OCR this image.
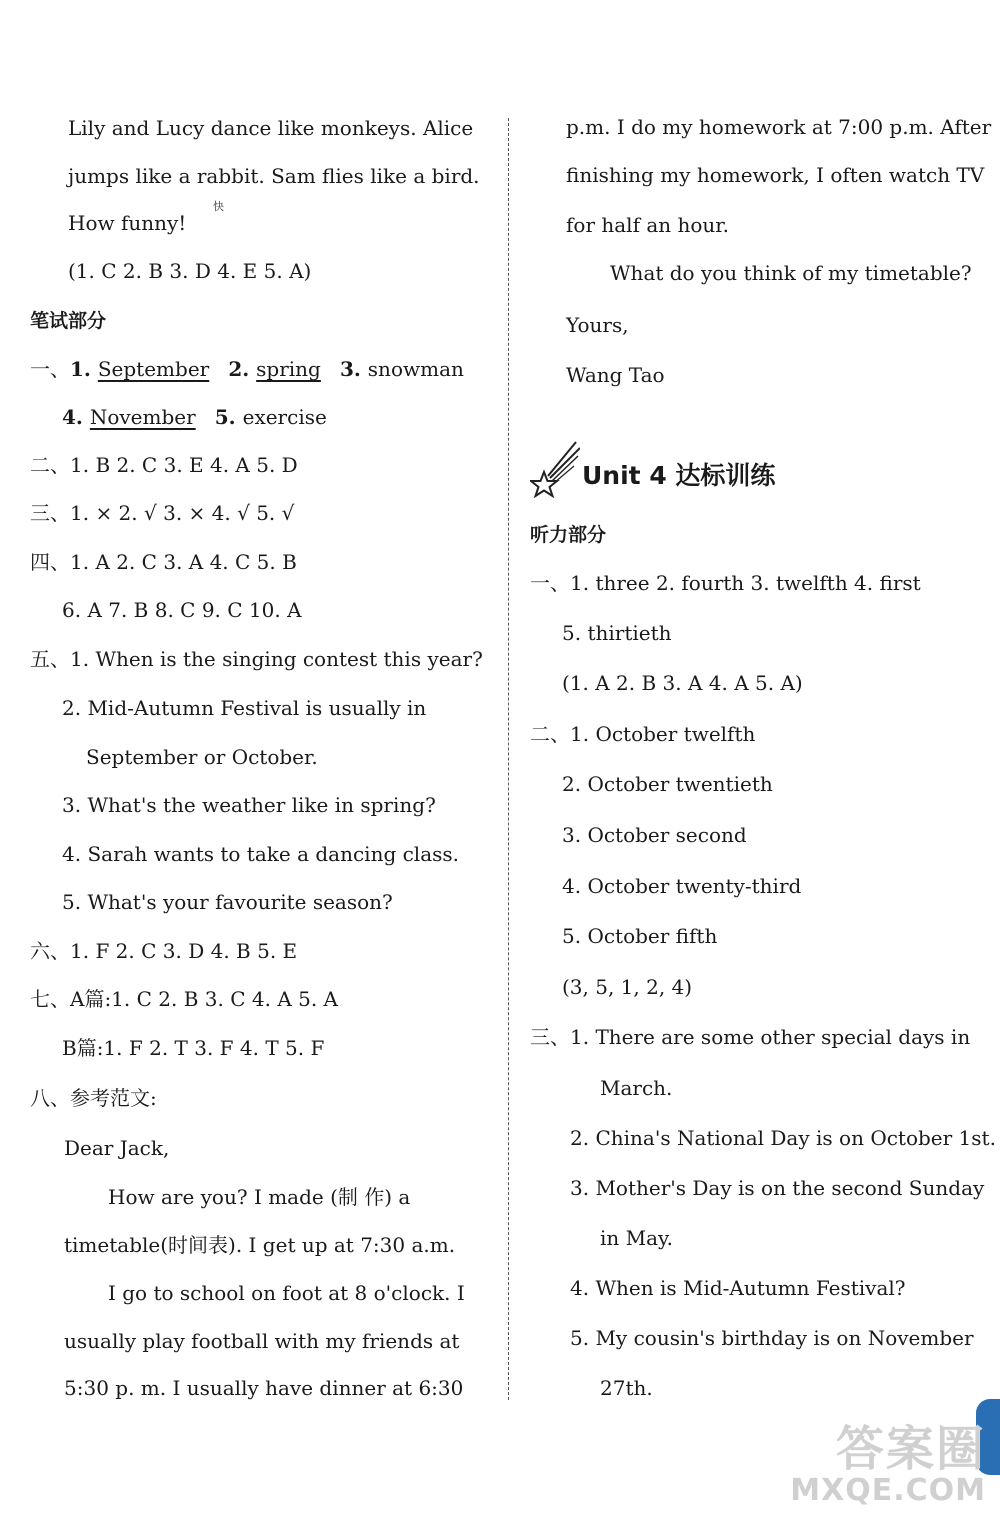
Lily and Lucy dance like monkeys. Alice
jumps like a rabbit. Sam flies like a bird.
How funny!
快
(1. C 2. B 3. D 4. E 5. A)
笔试部分
一、1. September 2. spring 3. snowman
4. November 5. exercise
二、1. B 2. C 3. E 4. A 5. D
三、1. × 2. √ 3. × 4. √ 5. √
四、1. A 2. C 3. A 4. C 5. B
6. A 7. B 8. C 9. C 10. A
五、1. When is the singing contest this year?
2. Mid-Autumn Festival is usually in
September or October.
3. What's the weather like in spring?
4. Sarah wants to take a dancing class.
5. What's your favourite season?
六、1. F 2. C 3. D 4. B 5. E
七、A篇:1. C 2. B 3. C 4. A 5. A
B篇:1. F 2. T 3. F 4. T 5. F
八、参考范文:
Dear Jack,
How are you? I made (制 作) a
timetable(时间表). I get up at 7:30 a.m.
I go to school on foot at 8 o'clock. I
usually play football with my friends at
5:30 p. m. I usually have dinner at 6:30
p.m. I do my homework at 7:00 p.m. After
finishing my homework, I often watch TV
for half an hour.
What do you think of my timetable?
Yours,
Wang Tao
Unit 4 达标训练
听力部分
一、1. three 2. fourth 3. twelfth 4. first
5. thirtieth
(1. A 2. B 3. A 4. A 5. A)
二、1. October twelfth
2. October twentieth
3. October second
4. October twenty-third
5. October fifth
(3, 5, 1, 2, 4)
三、1. There are some other special days in
March.
2. China's National Day is on October 1st.
3. Mother's Day is on the second Sunday
in May.
4. When is Mid-Autumn Festival?
5. My cousin's birthday is on November
27th.
答案圈
MXQE.COM
